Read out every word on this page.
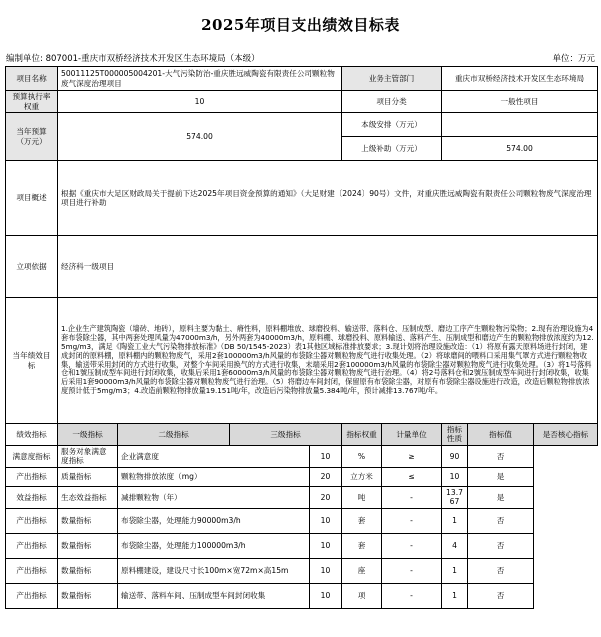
2025年项目支出绩效目标表
编制单位: 807001-重庆市双桥经济技术开发区生态环境局（本级）	单位：万元
项目名称	50011125T000005004201-大气污染防治-重庆胜远威陶瓷有限责任公司颗粒物废气深度治理项目				业务主管部门		重庆市双桥经济技术开发区生态环境局		
预算执行率权重	10				项目分类		一般性项目		
当年预算（万元）	574.00				本级安排（万元）				
					上级补助（万元）		574.00		
项目概述	根据《重庆市大足区财政局关于提前下达2025年项目资金预算的通知》（大足财建〔2024〕90号）文件，对重庆胜远威陶瓷有限责任公司颗粒物废气深度治理项目进行补助								
立项依据	经济科一级项目								
当年绩效目标	1.企业生产建筑陶瓷（墙砖、地砖），原料主要为黏土、瘠性料，原料棚堆放、球磨投料、输送带、落料仓、压制成型、磨边工序产生颗粒物污染物；2.现有治理设施为4套布袋除尘器，其中两套处理风量为47000m3/h，另外两套为40000m3/h，原料棚、球磨投料、原料输送、落料产生、压制成型和磨边产生的颗粒物排放浓度约为12.5mg/m3，满足《陶瓷工业大气污染物排放标准》（DB 50/1545-2023）表1其他区域标准排放要求；3.现计划将治理设施改造：（1）将原有露天原料场进行封闭，建成封闭的原料棚，原料棚内的颗粒物废气，采用2套100000m3/h风量的布袋除尘器对颗粒物废气进行收集处理。（2）将球磨间的喂料口采用集气罩方式进行颗粒物收集，输送带采用封闭的方式进行收集，对整个车间采用换气的方式进行收集，末端采用2套100000m3/h风量的布袋除尘器对颗粒物废气进行收集处理。（3）将1号落料仓和1號压制成型车间进行封闭收集，收集后采用1套60000m3/h风量的布袋除尘器对颗粒物废气进行治理。（4）将2号落料仓和2號压制成型车间进行封闭收集，收集后采用1套90000m3/h风量的布袋除尘器对颗粒物废气进行治理。（5）将磨边车间封闭，保留原有布袋除尘器，对原有布袋除尘器设施进行改造，改造后颗粒物排放浓度预计低于5mg/m3；4.改造前颗粒物排放量19.151吨/年，改造后污染物排放量5.384吨/年，预计减排13.767吨/年。								
绩效指标	一级指标	二级指标	三级指标		指标权重	计量单位	指标性质	指标值	是否核心指标
满意度指标	服务对象满意度指标	企业满意度		10	%	≥	90	否	
产出指标	质量指标	颗粒物排放浓度（mg）		20	立方米	≤	10	是	
效益指标	生态效益指标	减排颗粒物（年）		20	吨	-	13.767	是	
产出指标	数量指标	布袋除尘器，处理能力90000m3/h		10	套	-	1	否	
产出指标	数量指标	布袋除尘器，处理能力100000m3/h		10	套	-	4	否	
产出指标	数量指标	原料棚建设，建设尺寸长100m×宽72m×高15m		10	座	-	1	否	
产出指标	数量指标	输送带、落料车间、压制成型车间封闭收集		10	项	-	1	否	
